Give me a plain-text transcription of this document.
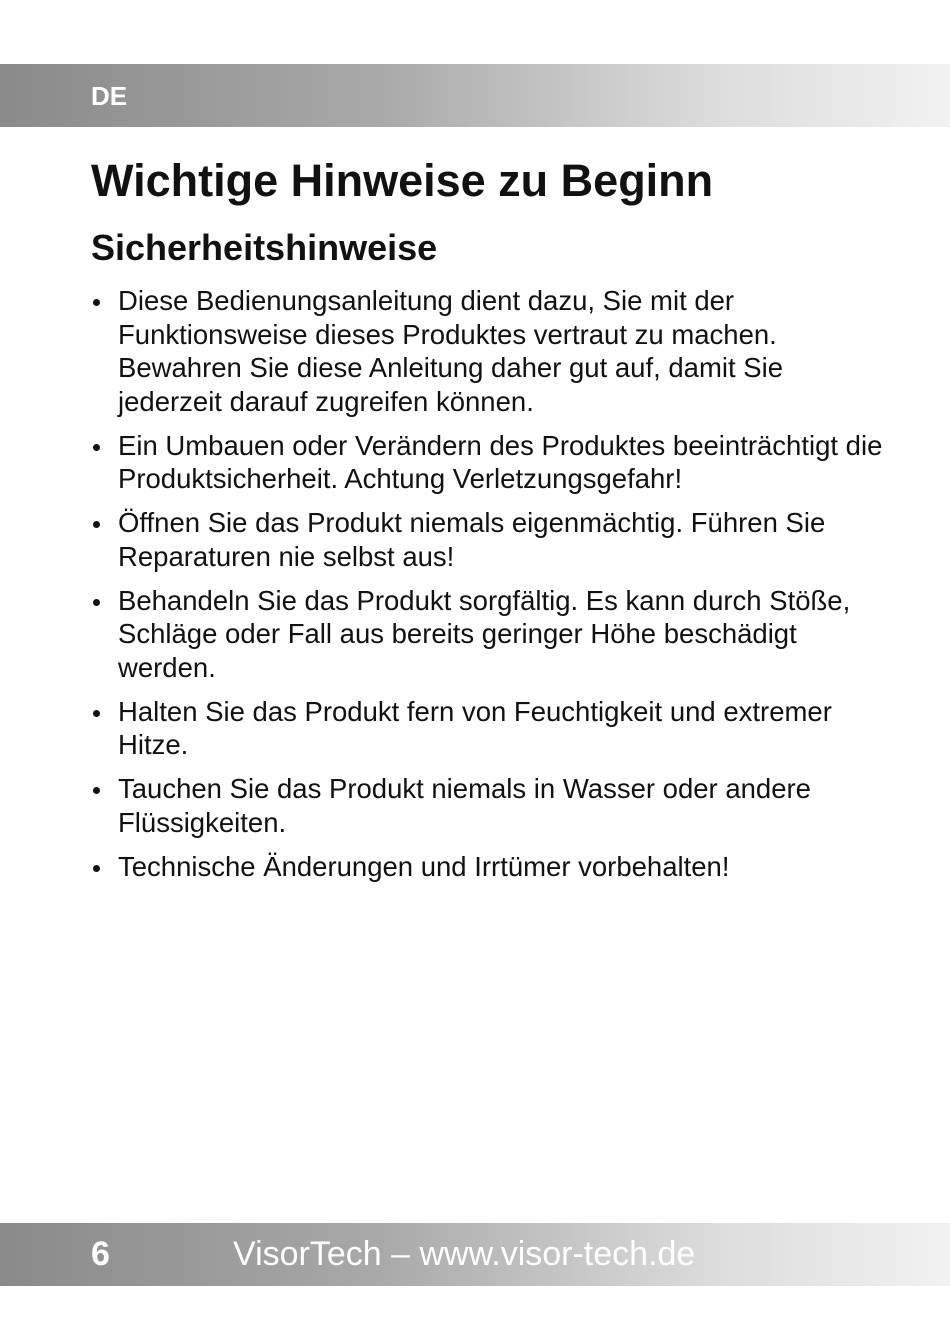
DE
Wichtige Hinweise zu Beginn
Sicherheitshinweise
Diese Bedienungsanleitung dient dazu, Sie mit der Funktionsweise dieses Produktes vertraut zu machen. Bewahren Sie diese Anleitung daher gut auf, damit Sie jederzeit darauf zugreifen können.
Ein Umbauen oder Verändern des Produktes beeinträchtigt die Produktsicherheit. Achtung Verletzungsgefahr!
Öffnen Sie das Produkt niemals eigenmächtig. Führen Sie Reparaturen nie selbst aus!
Behandeln Sie das Produkt sorgfältig. Es kann durch Stöße, Schläge oder Fall aus bereits geringer Höhe beschädigt werden.
Halten Sie das Produkt fern von Feuchtigkeit und extremer Hitze.
Tauchen Sie das Produkt niemals in Wasser oder andere Flüssigkeiten.
Technische Änderungen und Irrtümer vorbehalten!
6	VisorTech – www.visor-tech.de
